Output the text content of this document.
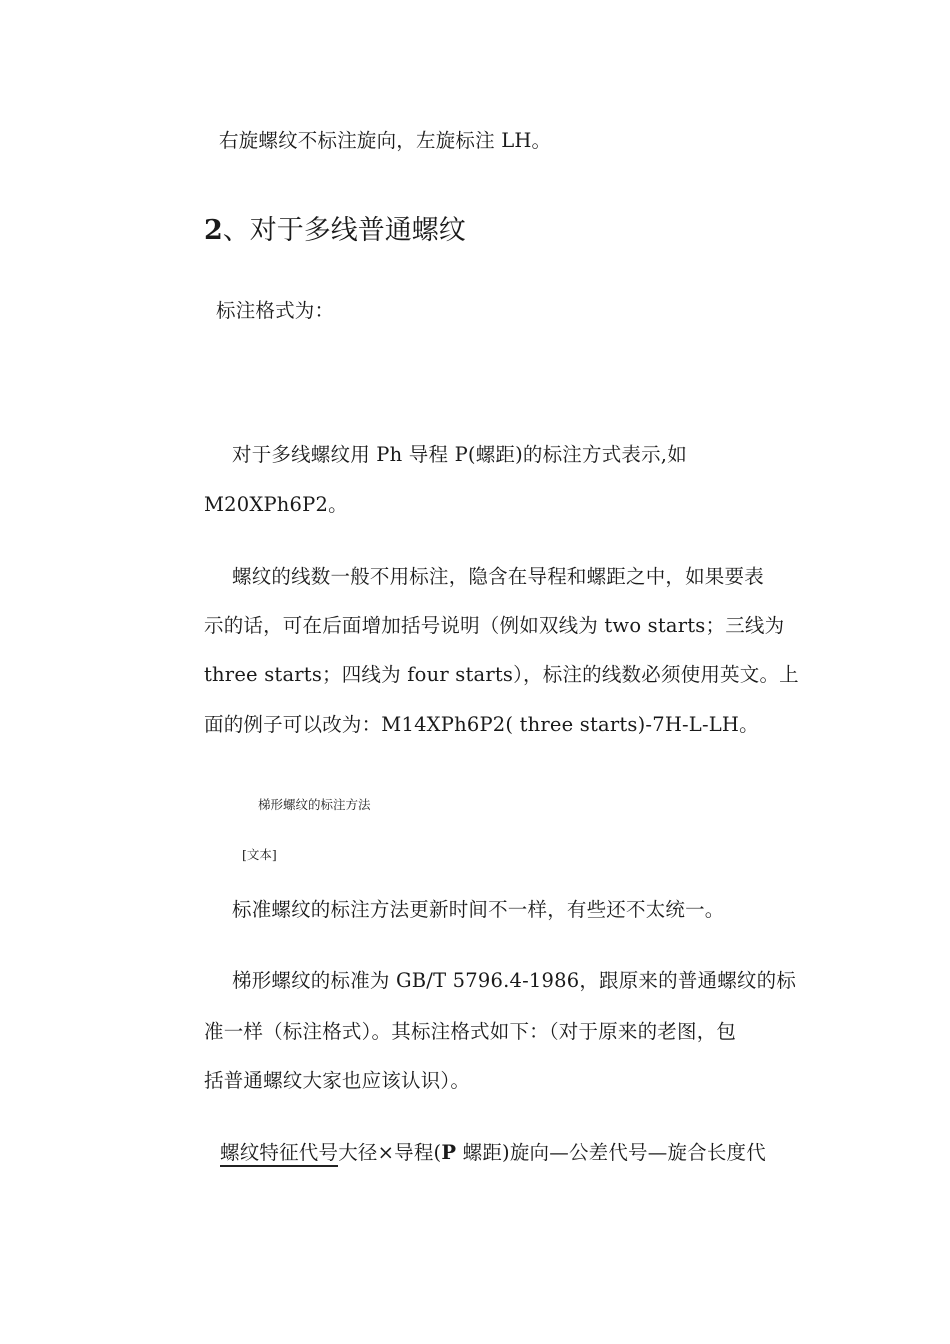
右旋螺纹不标注旋向，左旋标注 LH。
2、对于多线普通螺纹
标注格式为：
对于多线螺纹用 Ph 导程 P(螺距)的标注方式表示,如
M20XPh6P2。
螺纹的线数一般不用标注，隐含在导程和螺距之中，如果要表
示的话，可在后面增加括号说明（例如双线为 two starts；三线为
three starts；四线为 four starts），标注的线数必须使用英文。上
面的例子可以改为：M14XPh6P2( three starts)-7H-L-LH。
梯形螺纹的标注方法
[文本]
标准螺纹的标注方法更新时间不一样，有些还不太统一。
梯形螺纹的标准为 GB/T 5796.4-1986，跟原来的普通螺纹的标
准一样（标注格式）。其标注格式如下：（对于原来的老图，包
括普通螺纹大家也应该认识）。
螺纹特征代号大径×导程(P 螺距)旋向—公差代号—旋合长度代
